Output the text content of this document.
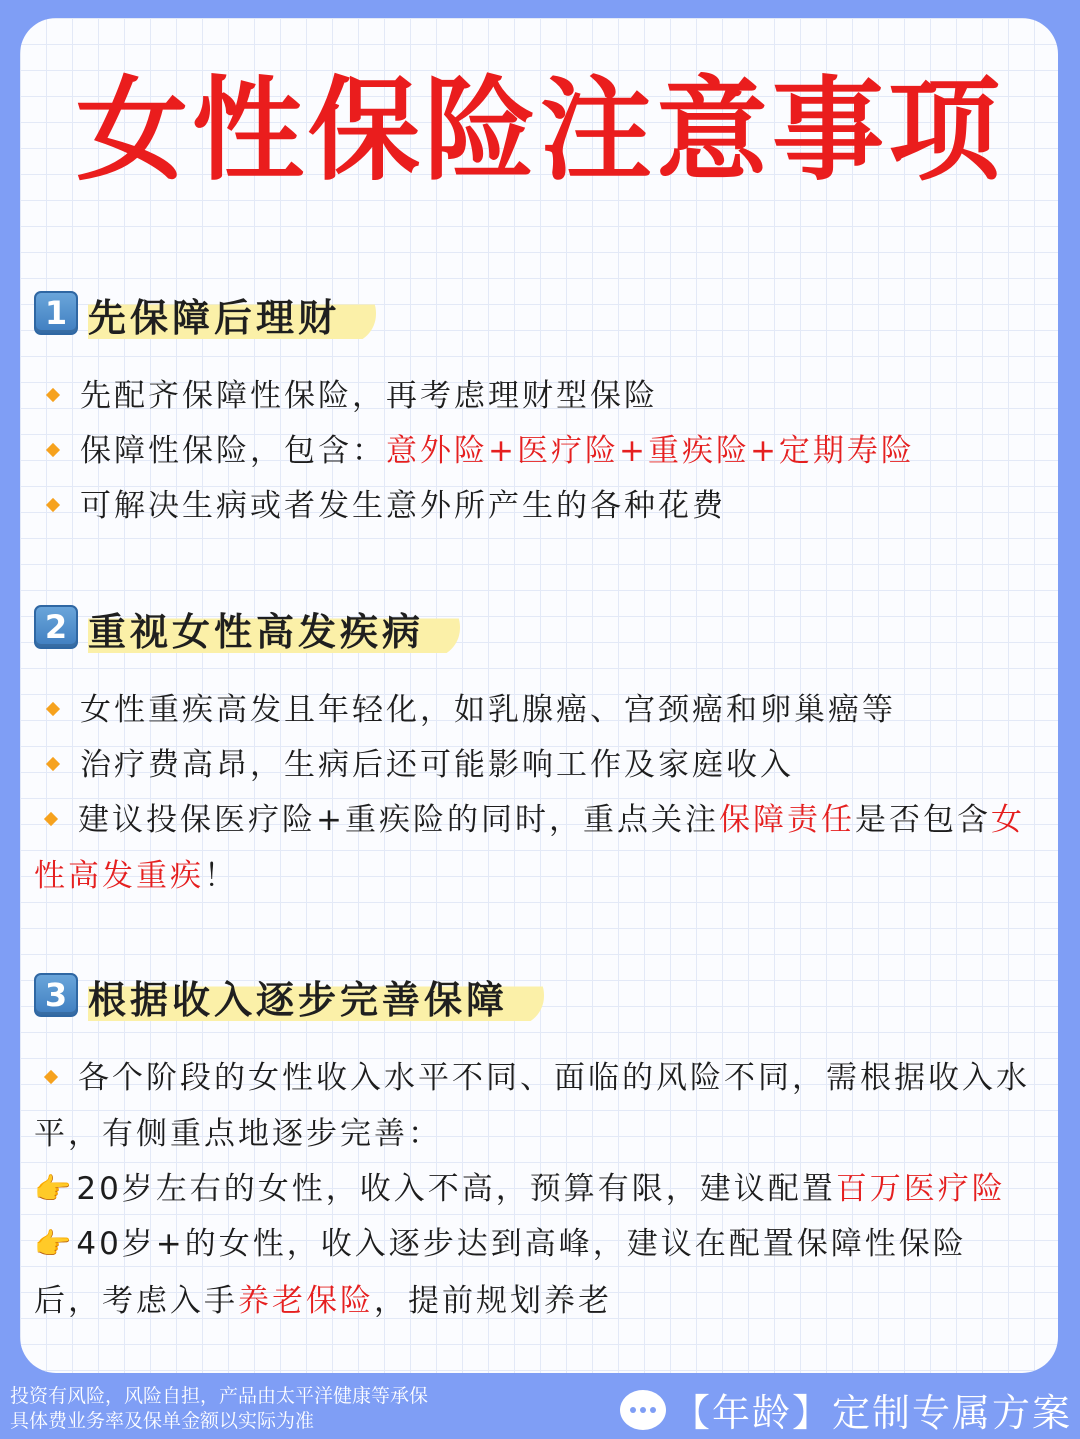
女性保险注意事项
1 先保障后理财
先配齐保障性保险，再考虑理财型保险
保障性保险，包含：意外险+医疗险+重疾险+定期寿险
可解决生病或者发生意外所产生的各种花费
2 重视女性高发疾病
女性重疾高发且年轻化，如乳腺癌、宫颈癌和卵巢癌等
治疗费高昂，生病后还可能影响工作及家庭收入
建议投保医疗险+重疾险的同时，重点关注保障责任是否包含女性高发重疾！
3 根据收入逐步完善保障
各个阶段的女性收入水平不同、面临的风险不同，需根据收入水平，有侧重点地逐步完善：
👉20岁左右的女性，收入不高，预算有限，建议配置百万医疗险
👉40岁+的女性，收入逐步达到高峰，建议在配置保障性保险后，考虑入手养老保险，提前规划养老
投资有风险，风险自担，产品由太平洋健康等承保
具体费业务率及保单金额以实际为准	【年龄】定制专属方案
